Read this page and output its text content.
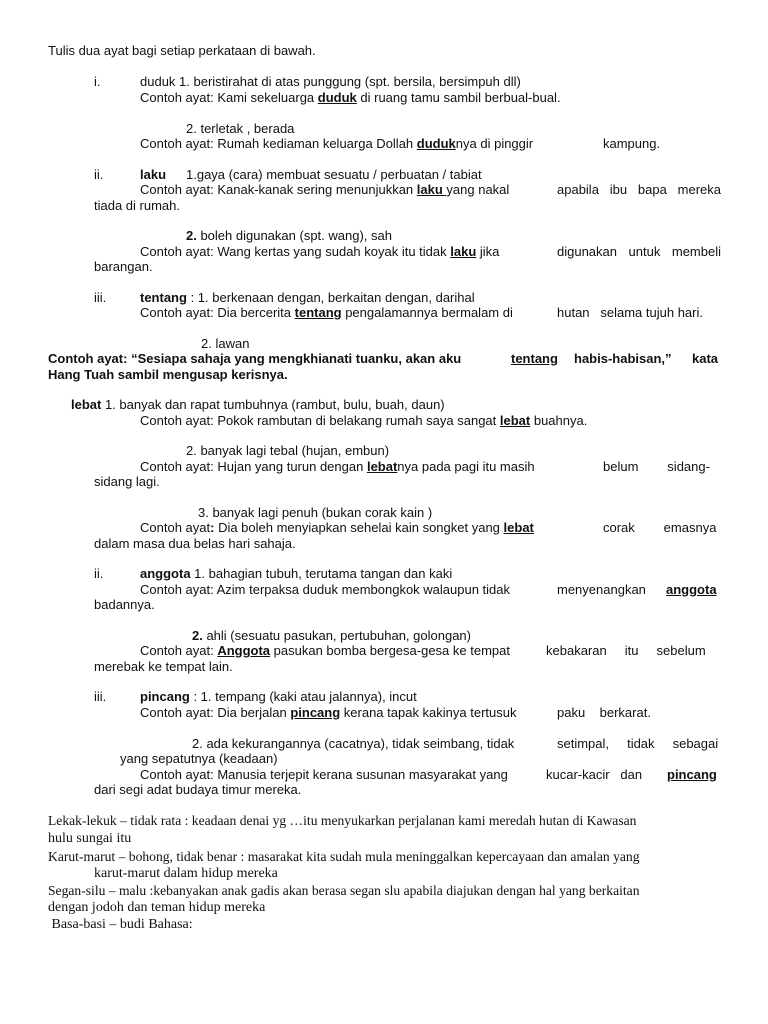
Tulis dua ayat bagi setiap perkataan di bawah.
i.	duduk 1. beristirahat di atas punggung (spt. bersila, bersimpuh dll)
Contoh ayat: Kami sekeluarga duduk di ruang tamu sambil berbual-bual.
2. terletak , berada
Contoh ayat: Rumah kediaman keluarga Dollah duduknya di pinggir	kampung.
ii.	laku 1.gaya (cara) membuat sesuatu / perbuatan / tabiat
Contoh ayat: Kanak-kanak sering menunjukkan laku yang nakal	apabila ibu bapa mereka
tiada di rumah.
2. boleh digunakan (spt. wang), sah
Contoh ayat: Wang kertas yang sudah koyak itu tidak laku jika	digunakan untuk membeli
barangan.
iii.	tentang : 1. berkenaan dengan, berkaitan dengan, darihal
Contoh ayat: Dia bercerita tentang pengalamannya bermalam di	hutan   selama tujuh hari.
2. lawan
Contoh ayat: “Sesiapa sahaja yang mengkhianati tuanku, akan aku	tentang habis-habisan,” kata
Hang Tuah sambil mengusap kerisnya.
lebat 1. banyak dan rapat tumbuhnya (rambut, bulu, buah, daun)
Contoh ayat: Pokok rambutan di belakang rumah saya sangat lebat buahnya.
2. banyak lagi tebal (hujan, embun)
Contoh ayat: Hujan yang turun dengan lebatnya pada pagi itu masih	belum        sidang-
sidang lagi.
3. banyak lagi penuh (bukan corak kain )
Contoh ayat: Dia boleh menyiapkan sehelai kain songket yang lebat	corak        emasnya
dalam masa dua belas hari sahaja.
ii.	anggota 1. bahagian tubuh, terutama tangan dan kaki
Contoh ayat: Azim terpaksa duduk membongkok walaupun tidak	menyenangkan anggota
badannya.
2. ahli (sesuatu pasukan, pertubuhan, golongan)
Contoh ayat: Anggota pasukan bomba bergesa-gesa ke tempat	kebakaran     itu     sebelum
merebak ke tempat lain.
iii.	pincang : 1. tempang (kaki atau jalannya), incut
Contoh ayat: Dia berjalan pincang kerana tapak kakinya tertusuk	paku    berkarat.
2. ada kekurangannya (cacatnya), tidak seimbang, tidak	setimpal,     tidak     sebagai
yang sepatutnya (keadaan)
Contoh ayat: Manusia terjepit kerana susunan masyarakat yang	kucar-kacir   dan pincang
dari segi adat budaya timur mereka.
Lekak-lekuk – tidak rata : keadaan denai yg …itu menyukarkan perjalanan kami meredah hutan di Kawasan
hulu sungai itu
Karut-marut – bohong, tidak benar : masarakat kita sudah mula meninggalkan kepercayaan dan amalan yang
karut-marut dalam hidup mereka
Segan-silu – malu :kebanyakan anak gadis akan berasa segan slu apabila diajukan dengan hal yang berkaitan
dengan jodoh dan teman hidup mereka
Basa-basi – budi Bahasa:
